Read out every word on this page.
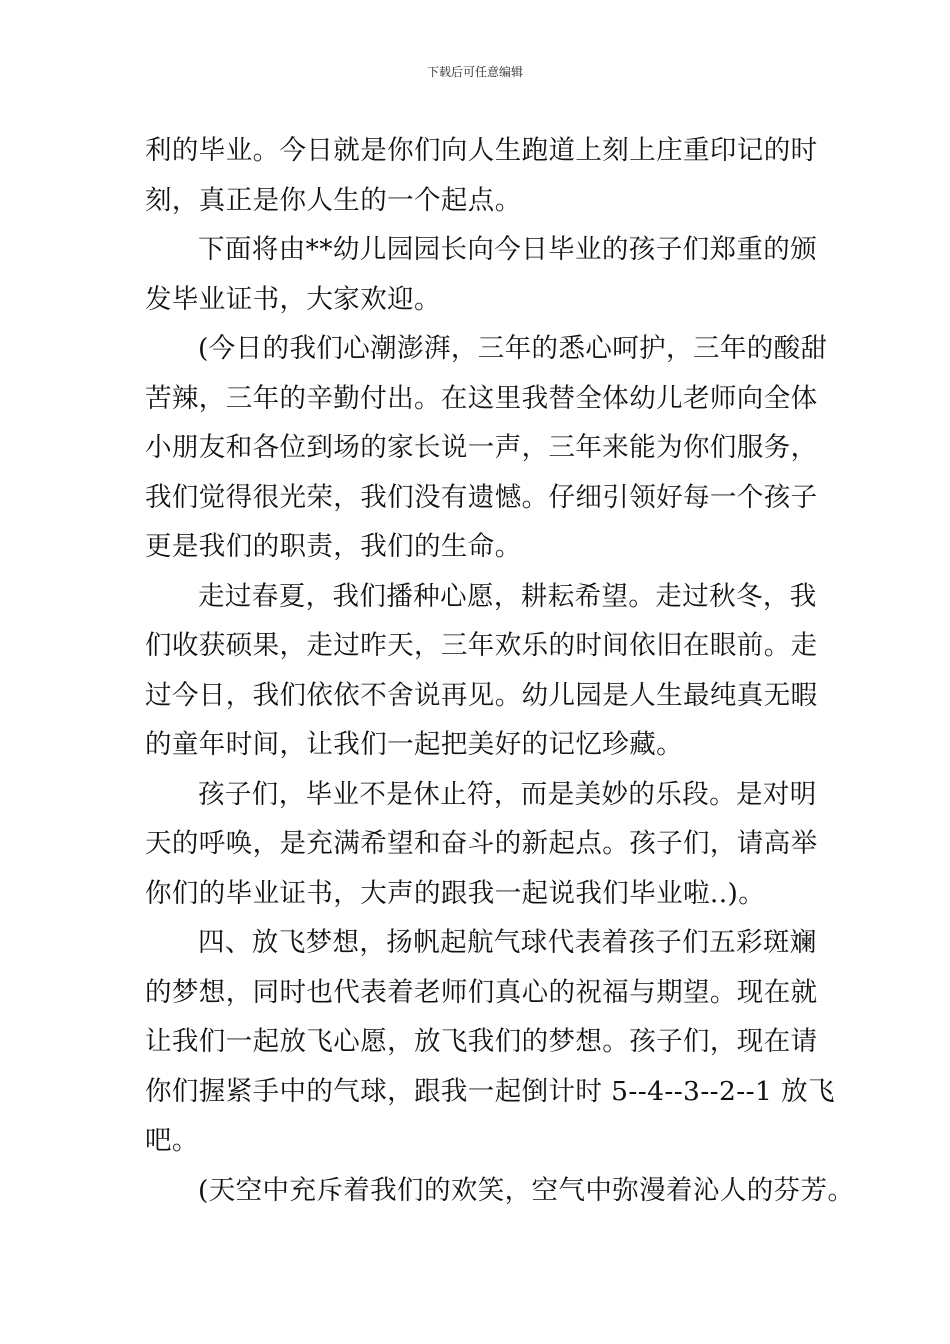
下载后可任意编辑

利的毕业。今日就是你们向人生跑道上刻上庄重印记的时
刻，真正是你人生的一个起点。

下面将由**幼儿园园长向今日毕业的孩子们郑重的颁
发毕业证书，大家欢迎。

(今日的我们心潮澎湃，三年的悉心呵护，三年的酸甜
苦辣，三年的辛勤付出。在这里我替全体幼儿老师向全体
小朋友和各位到场的家长说一声，三年来能为你们服务，
我们觉得很光荣，我们没有遗憾。仔细引领好每一个孩子
更是我们的职责，我们的生命。

走过春夏，我们播种心愿，耕耘希望。走过秋冬，我
们收获硕果，走过昨天，三年欢乐的时间依旧在眼前。走
过今日，我们依依不舍说再见。幼儿园是人生最纯真无暇
的童年时间，让我们一起把美好的记忆珍藏。

孩子们，毕业不是休止符，而是美妙的乐段。是对明
天的呼唤，是充满希望和奋斗的新起点。孩子们，请高举
你们的毕业证书，大声的跟我一起说我们毕业啦..)。

四、放飞梦想，扬帆起航气球代表着孩子们五彩斑斓
的梦想，同时也代表着老师们真心的祝福与期望。现在就
让我们一起放飞心愿，放飞我们的梦想。孩子们，现在请
你们握紧手中的气球，跟我一起倒计时 5--4--3--2--1 放飞
吧。

(天空中充斥着我们的欢笑，空气中弥漫着沁人的芬芳。
